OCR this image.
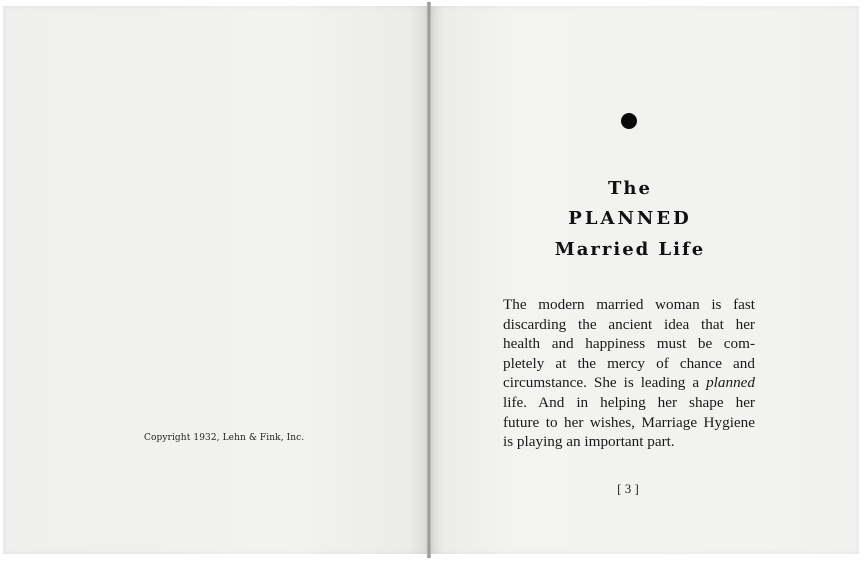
Copyright 1932, Lehn & Fink, Inc.

The
PLANNED
Married Life
The modern married woman is fast
discarding the ancient idea that her
health and happiness must be com-
pletely at the mercy of chance and
circumstance. She is leading a planned
life. And in helping her shape her
future to her wishes, Marriage Hygiene
is playing an important part.

[ 3 ]
